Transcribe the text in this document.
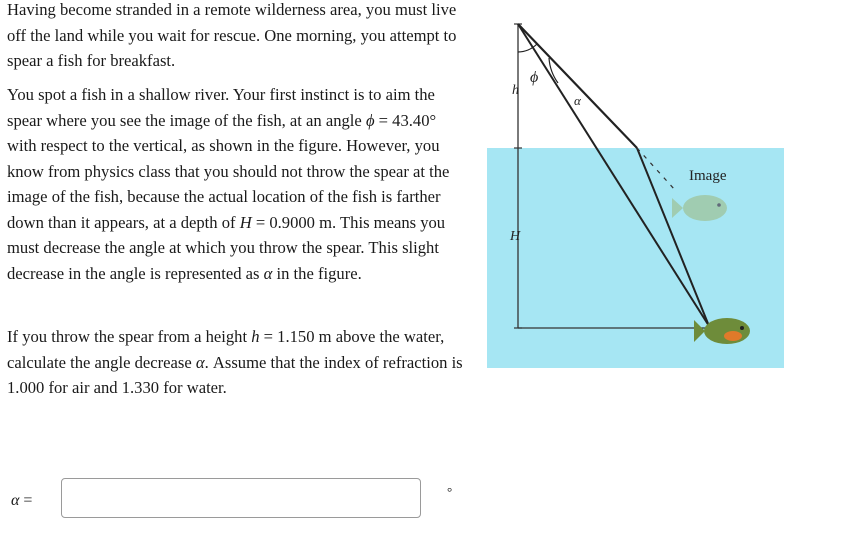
Having become stranded in a remote wilderness area, you must live off the land while you wait for rescue. One morning, you attempt to spear a fish for breakfast.

You spot a fish in a shallow river. Your first instinct is to aim the spear where you see the image of the fish, at an angle ϕ = 43.40° with respect to the vertical, as shown in the figure. However, you know from physics class that you should not throw the spear at the image of the fish, because the actual location of the fish is farther down than it appears, at a depth of H = 0.9000 m. This means you must decrease the angle at which you throw the spear. This slight decrease in the angle is represented as α in the figure.

If you throw the spear from a height h = 1.150 m above the water, calculate the angle decrease α. Assume that the index of refraction is 1.000 for air and 1.330 for water.

α =
°
ϕ
α
h
H
Image
